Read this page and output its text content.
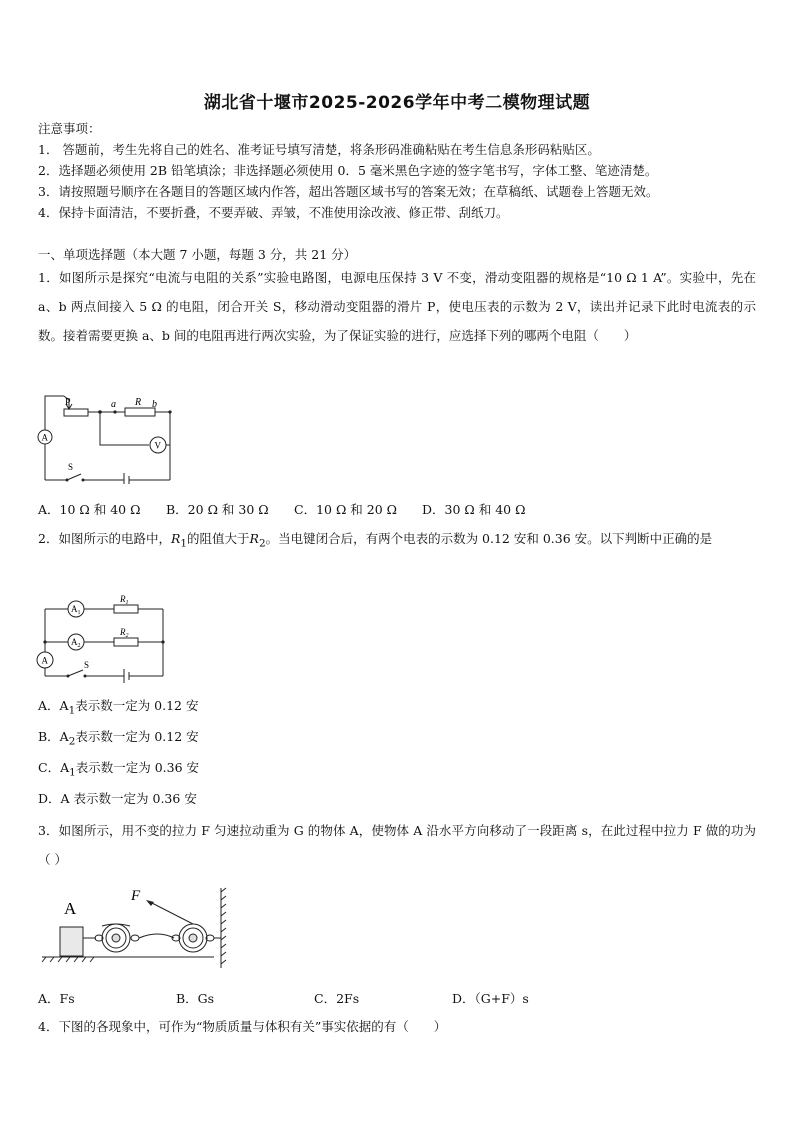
湖北省十堰市2025-2026学年中考二模物理试题
注意事项：
1． 答题前，考生先将自己的姓名、准考证号填写清楚，将条形码准确粘贴在考生信息条形码粘贴区。
2．选择题必须使用 2B 铅笔填涂；非选择题必须使用 0．5 毫米黑色字迹的签字笔书写，字体工整、笔迹清楚。
3．请按照题号顺序在各题目的答题区域内作答，超出答题区域书写的答案无效；在草稿纸、试题卷上答题无效。
4．保持卡面清洁，不要折叠，不要弄破、弄皱，不准使用涂改液、修正带、刮纸刀。
一、单项选择题（本大题 7 小题，每题 3 分，共 21 分）
1．如图所示是探究“电流与电阻的关系”实验电路图，电源电压保持 3 V 不变，滑动变阻器的规格是“10 Ω 1 A”。实验中，先在 a、b 两点间接入 5 Ω 的电阻，闭合开关 S，移动滑动变阻器的滑片 P，使电压表的示数为 2 V，读出并记录下此时电流表的示数。接着需要更换 a、b 间的电阻再进行两次实验，为了保证实验的进行，应选择下列的哪两个电阻（　　）
P	a R b
A
V
S
A．10 Ω 和 40 Ω B．20 Ω 和 30 Ω C．10 Ω 和 20 Ω D．30 Ω 和 40 Ω
2．如图所示的电路中，$R_1$的阻值大于$R_2$。当电键闭合后，有两个电表的示数为 0.12 安和 0.36 安。以下判断中正确的是
$A_1$
$A_2$
A
$R_1$
$R_2$
S
A．$A_1$表示数一定为 0.12 安
B．$A_2$表示数一定为 0.12 安
C．$A_1$表示数一定为 0.36 安
D．A 表示数一定为 0.36 安
3．如图所示，用不变的拉力 F 匀速拉动重为 G 的物体 A，使物体 A 沿水平方向移动了一段距离 s，在此过程中拉力 F 做的功为（ ）
A
F
A．Fs	B．Gs	C．2Fs	D．（G+F）s
4．下图的各现象中，可作为“物质质量与体积有关”事实依据的有（　　）
